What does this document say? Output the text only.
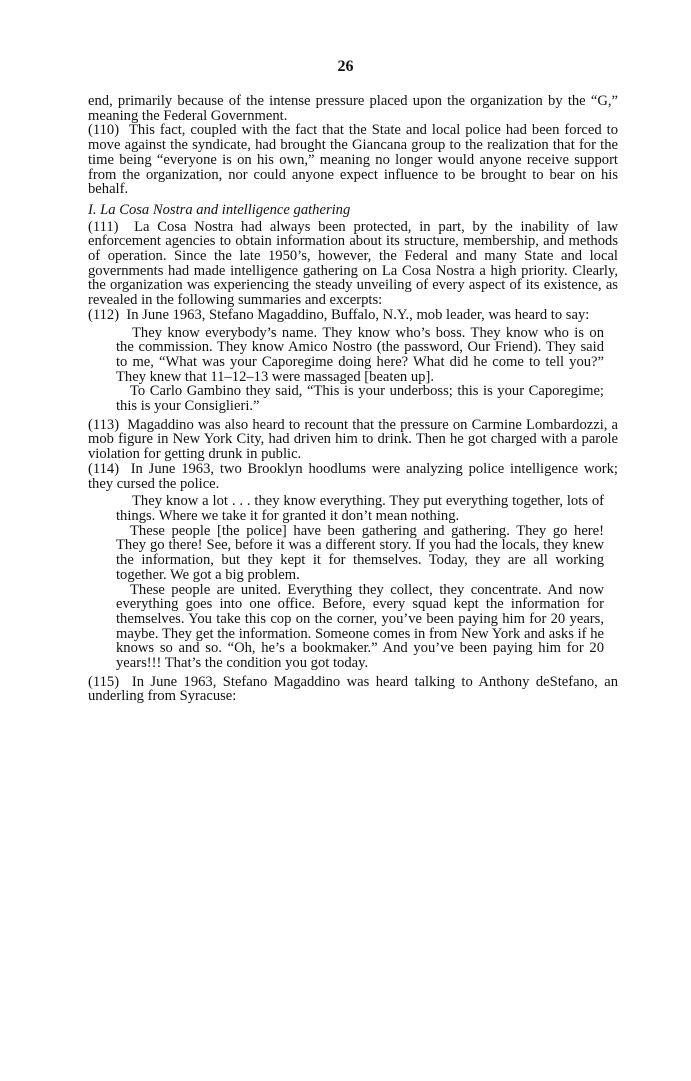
26

end, primarily because of the intense pressure placed upon the organization by the “G,” meaning the Federal Government.

(110)  This fact, coupled with the fact that the State and local police had been forced to move against the syndicate, had brought the Giancana group to the realization that for the time being “everyone is on his own,” meaning no longer would anyone receive support from the organization, nor could anyone expect influence to be brought to bear on his behalf.

I. La Cosa Nostra and intelligence gathering

(111)  La Cosa Nostra had always been protected, in part, by the inability of law enforcement agencies to obtain information about its structure, membership, and methods of operation. Since the late 1950’s, however, the Federal and many State and local governments had made intelligence gathering on La Cosa Nostra a high priority. Clearly, the organization was experiencing the steady unveiling of every aspect of its existence, as revealed in the following summaries and excerpts:

(112)  In June 1963, Stefano Magaddino, Buffalo, N.Y., mob leader, was heard to say:

They know everybody’s name. They know who’s boss. They know who is on the commission. They know Amico Nostro (the password, Our Friend). They said to me, “What was your Caporegime doing here? What did he come to tell you?” They knew that 11–12–13 were massaged [beaten up].

To Carlo Gambino they said, “This is your underboss; this is your Caporegime; this is your Consiglieri.”

(113)  Magaddino was also heard to recount that the pressure on Carmine Lombardozzi, a mob figure in New York City, had driven him to drink. Then he got charged with a parole violation for getting drunk in public.

(114)  In June 1963, two Brooklyn hoodlums were analyzing police intelligence work; they cursed the police.

They know a lot . . . they know everything. They put everything together, lots of things. Where we take it for granted it don’t mean nothing.

These people [the police] have been gathering and gathering. They go here! They go there! See, before it was a different story. If you had the locals, they knew the information, but they kept it for themselves. Today, they are all working together. We got a big problem.

These people are united. Everything they collect, they concentrate. And now everything goes into one office. Before, every squad kept the information for themselves. You take this cop on the corner, you’ve been paying him for 20 years, maybe. They get the information. Someone comes in from New York and asks if he knows so and so. “Oh, he’s a bookmaker.” And you’ve been paying him for 20 years!!! That’s the condition you got today.

(115)  In June 1963, Stefano Magaddino was heard talking to Anthony deStefano, an underling from Syracuse:
